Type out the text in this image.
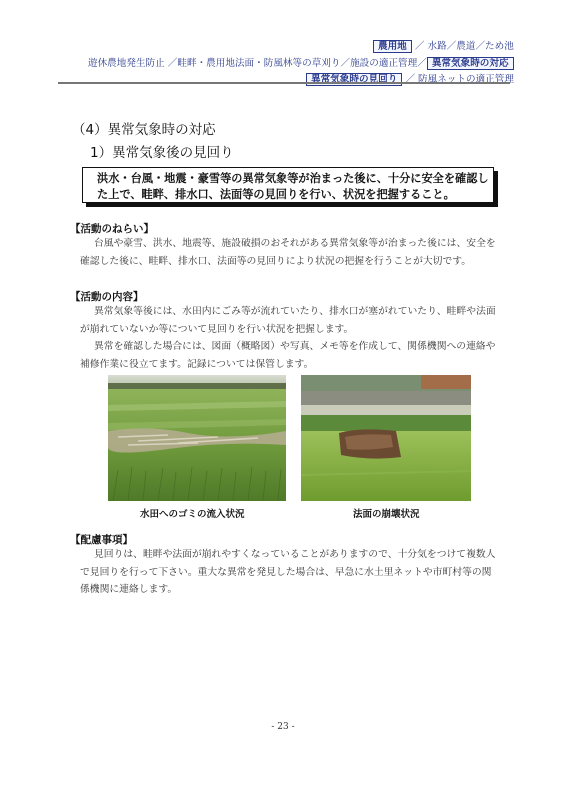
農用地 ／ 水路／農道／ため池
遊休農地発生防止 ／畦畔・農用地法面・防風林等の草刈り／施設の適正管理／ 異常気象時の対応
異常気象時の見回り ／ 防風ネットの適正管理
（4）異常気象時の対応
1）異常気象後の見回り

洪水・台風・地震・豪雪等の異常気象等が治まった後に、十分に安全を確認し

た上で、畦畔、排水口、法面等の見回りを行い、状況を把握すること。

【活動のねらい】
台風や豪雪、洪水、地震等、施設破損のおそれがある異常気象等が治まった後には、安全を
確認した後に、畦畔、排水口、法面等の見回りにより状況の把握を行うことが大切です。
【活動の内容】
異常気象等後には、水田内にごみ等が流れていたり、排水口が塞がれていたり、畦畔や法面
が崩れていないか等について見回りを行い状況を把握します。
異常を確認した場合には、図面（概略図）や写真、メモ等を作成して、関係機関への連絡や
補修作業に役立てます。記録については保管します。
水田へのゴミの流入状況	法面の崩壊状況
【配慮事項】
見回りは、畦畔や法面が崩れやすくなっていることがありますので、十分気をつけて複数人
で見回りを行って下さい。重大な異常を発見した場合は、早急に水土里ネットや市町村等の関
係機関に連絡します。
- 23 -
